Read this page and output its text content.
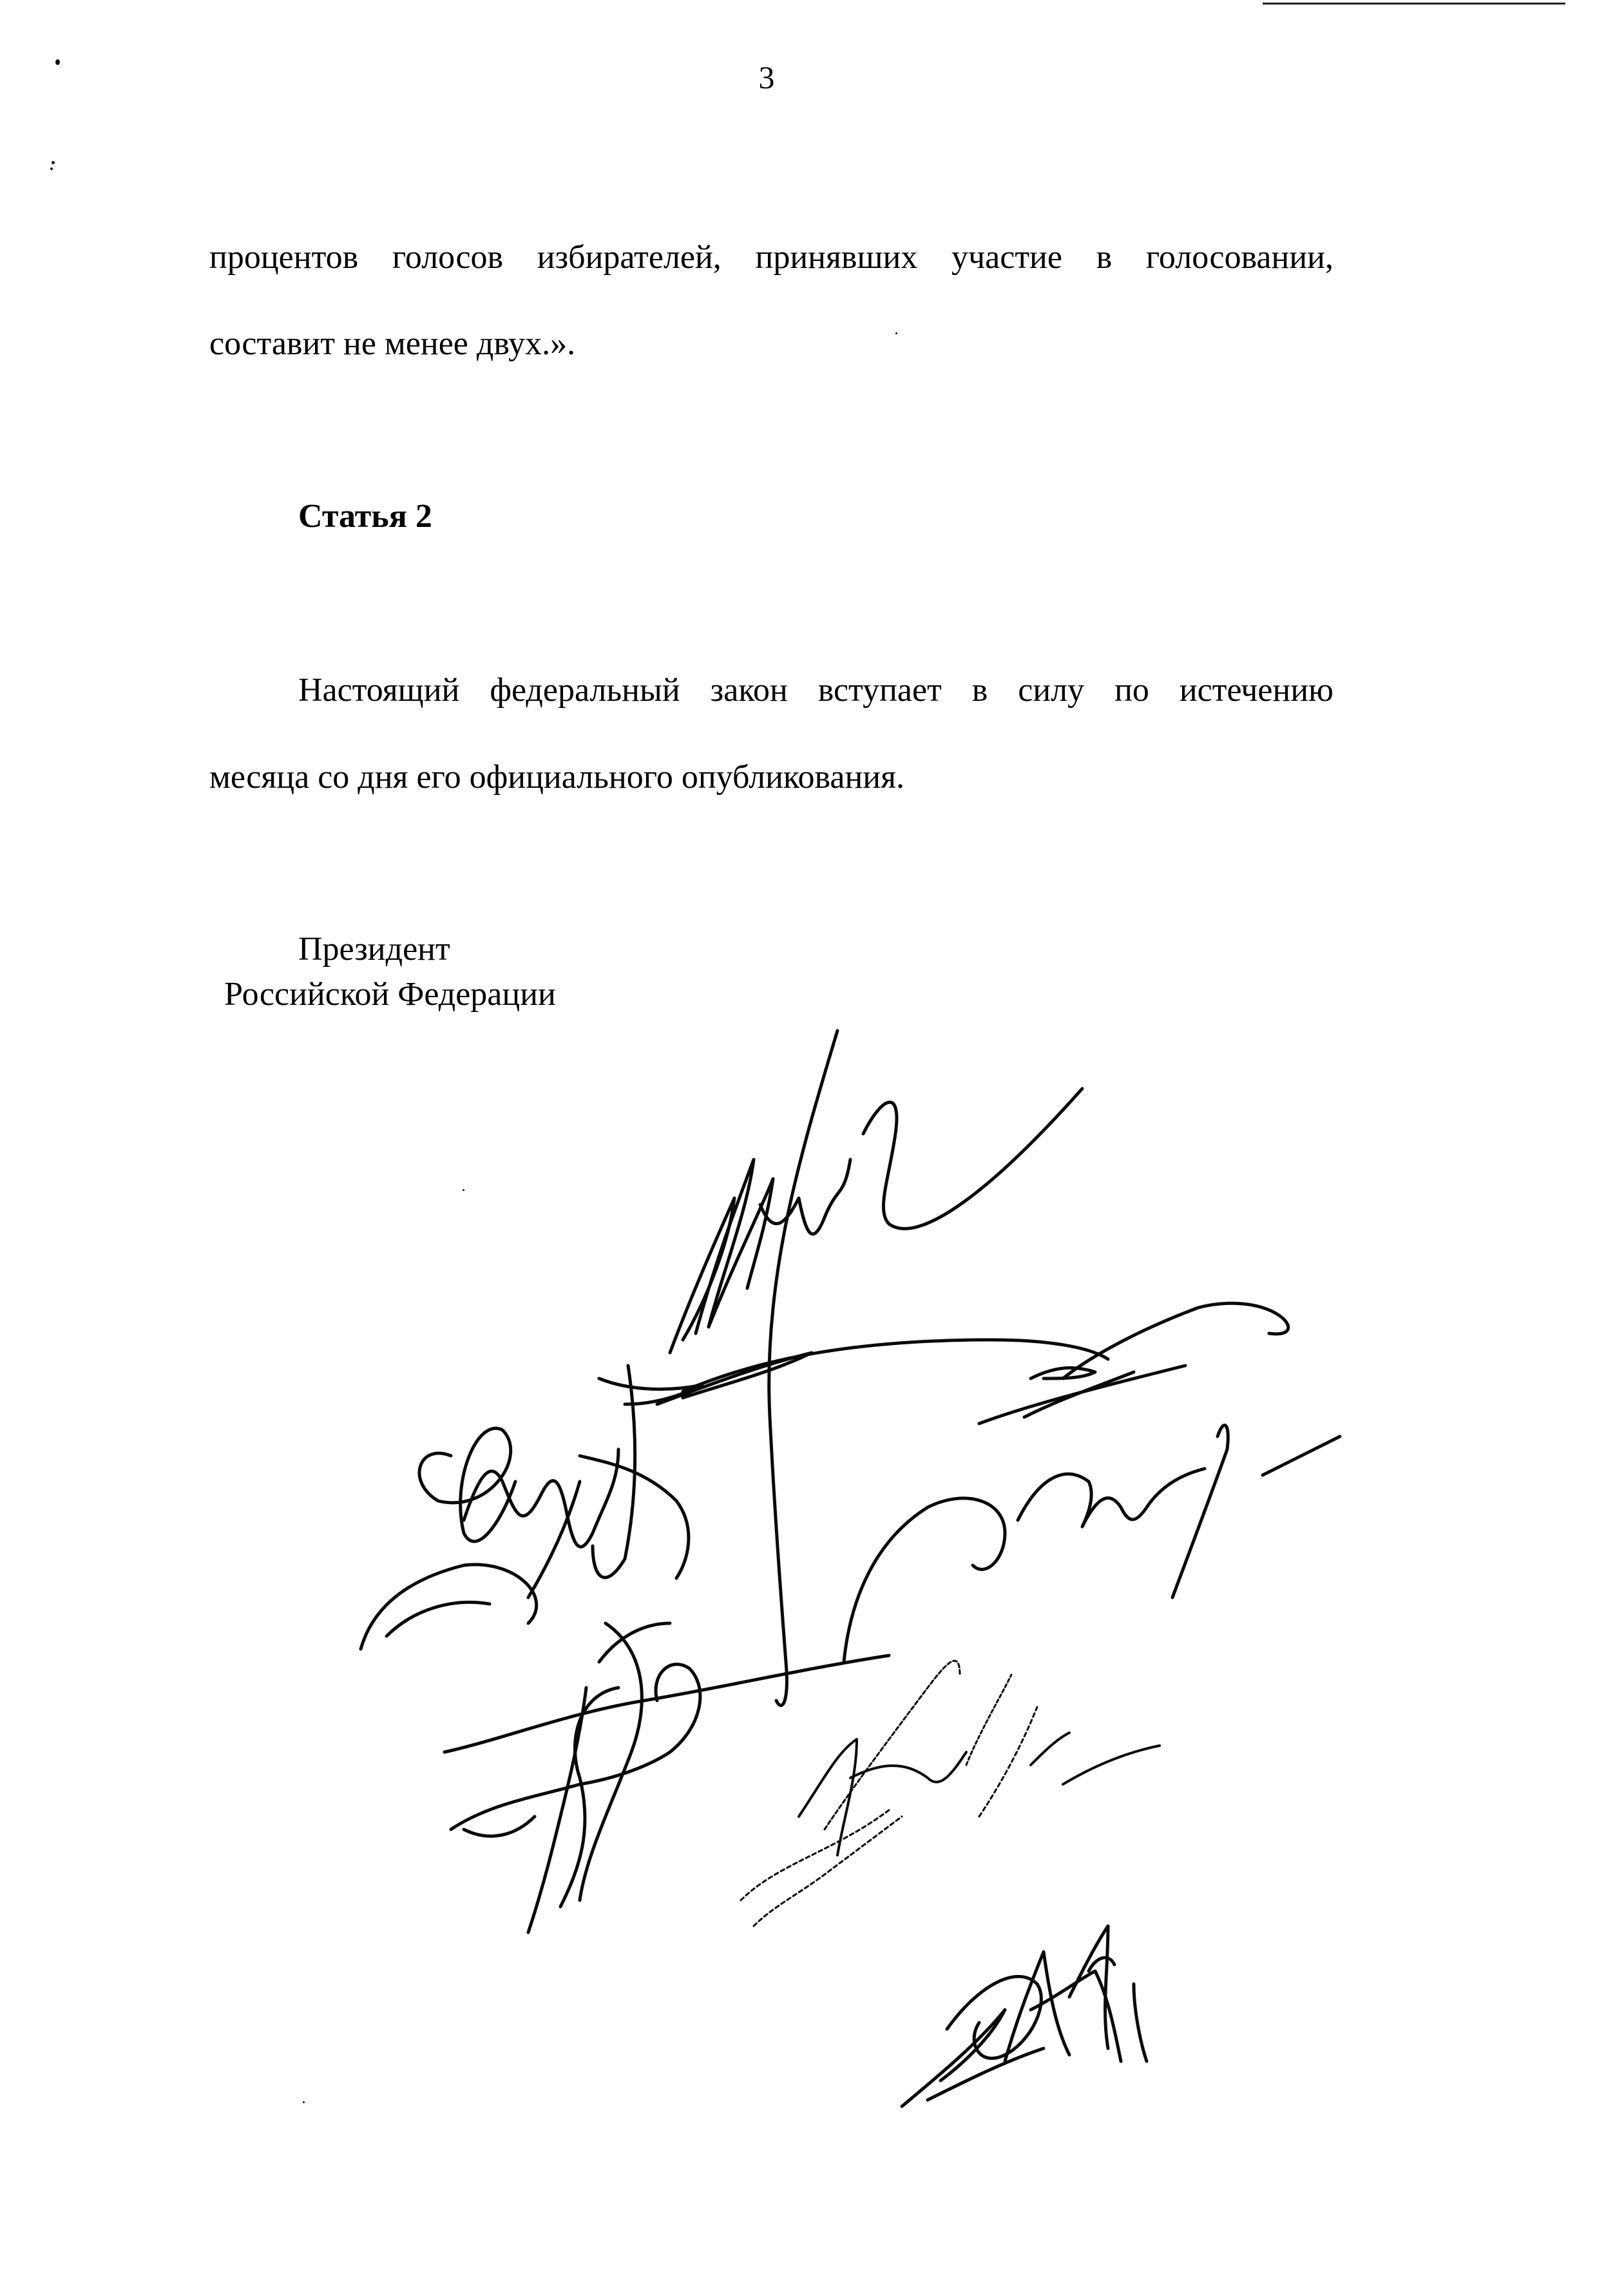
3
процентов голосов избирателей, принявших участие в голосовании,
составит не менее двух.».
Статья 2
Настоящий федеральный закон вступает в силу по истечению
месяца со дня его официального опубликования.
Президент
Российской Федерации
